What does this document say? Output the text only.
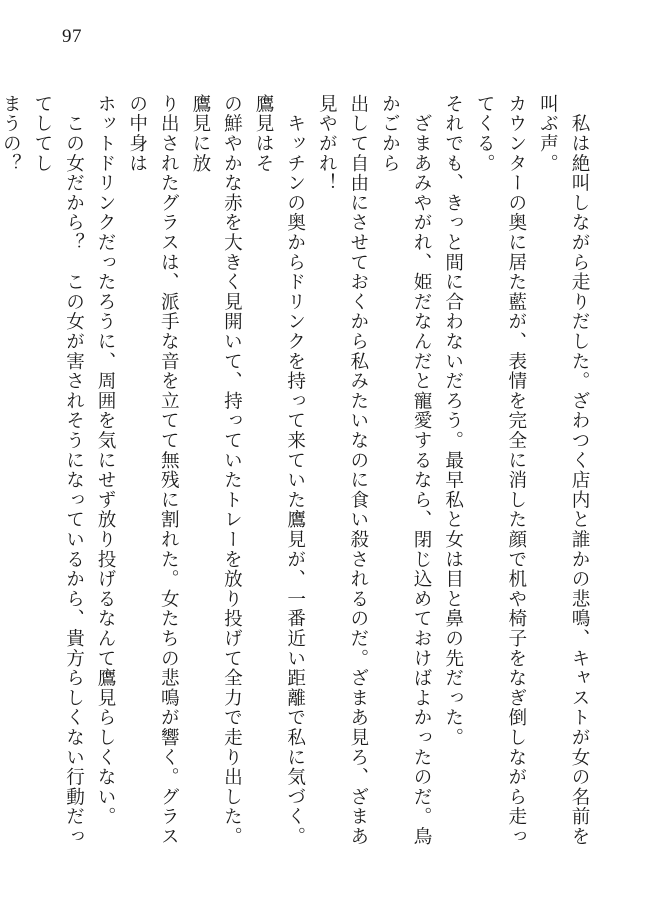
97

　私は絶叫しながら走りだした。ざわつく店内と誰かの悲鳴、キャストが女の名前を叫ぶ声。
カウンターの奥に居た藍が、表情を完全に消した顔で机や椅子をなぎ倒しながら走ってくる。
それでも、きっと間に合わないだろう。最早私と女は目と鼻の先だった。

　ざまあみやがれ、姫だなんだと寵愛するなら、閉じ込めておけばよかったのだ。鳥かごから
出して自由にさせておくから私みたいなのに食い殺されるのだ。ざまあ見ろ、ざまあ見やがれ！

　キッチンの奥からドリンクを持って来ていた鷹見が、一番近い距離で私に気づく。鷹見はそ
の鮮やかな赤を大きく見開いて、持っていたトレーを放り投げて全力で走り出した。鷹見に放
り出されたグラスは、派手な音を立てて無残に割れた。女たちの悲鳴が響く。グラスの中身は
ホットドリンクだったろうに、周囲を気にせず放り投げるなんて鷹見らしくない。

　この女だから？　この女が害されそうになっているから、貴方らしくない行動だってしてし
まうの？
